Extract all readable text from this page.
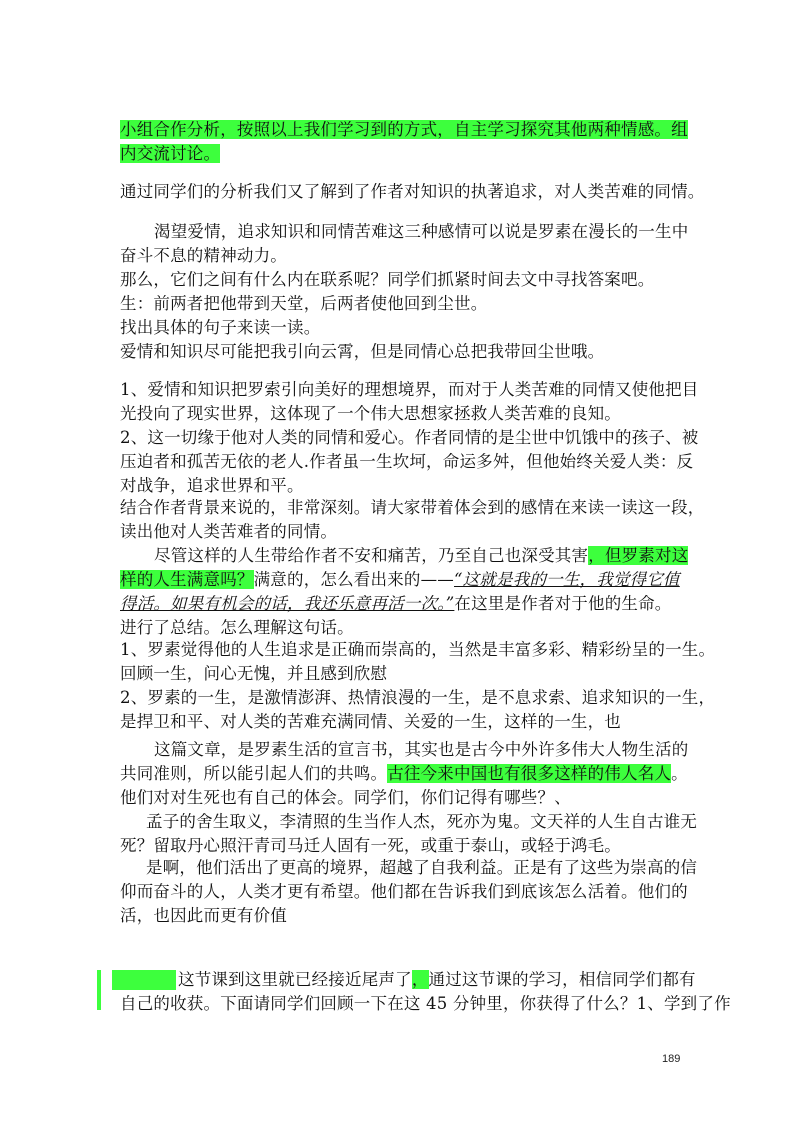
小组合作分析，按照以上我们学习到的方式，自主学习探究其他两种情感。组
内交流讨论。
通过同学们的分析我们又了解到了作者对知识的执著追求，对人类苦难的同情。
渴望爱情，追求知识和同情苦难这三种感情可以说是罗素在漫长的一生中
奋斗不息的精神动力。
那么，它们之间有什么内在联系呢？同学们抓紧时间去文中寻找答案吧。
生：前两者把他带到天堂，后两者使他回到尘世。
找出具体的句子来读一读。
爱情和知识尽可能把我引向云霄，但是同情心总把我带回尘世哦。
1、爱情和知识把罗索引向美好的理想境界，而对于人类苦难的同情又使他把目
光投向了现实世界，这体现了一个伟大思想家拯救人类苦难的良知。
2、这一切缘于他对人类的同情和爱心。作者同情的是尘世中饥饿中的孩子、被
压迫者和孤苦无依的老人.作者虽一生坎坷，命运多舛，但他始终关爱人类：反
对战争，追求世界和平。
结合作者背景来说的，非常深刻。请大家带着体会到的感情在来读一读这一段，
读出他对人类苦难者的同情。
尽管这样的人生带给作者不安和痛苦，乃至自己也深受其害，但罗素对这
样的人生满意吗？满意的，怎么看出来的——“这就是我的一生，我觉得它值
得活。如果有机会的话，我还乐意再活一次。”在这里是作者对于他的生命。
进行了总结。怎么理解这句话。
1、罗素觉得他的人生追求是正确而崇高的，当然是丰富多彩、精彩纷呈的一生。
回顾一生，问心无愧，并且感到欣慰
2、罗素的一生，是激情澎湃、热情浪漫的一生，是不息求索、追求知识的一生，
是捍卫和平、对人类的苦难充满同情、关爱的一生，这样的一生，也
这篇文章，是罗素生活的宣言书，其实也是古今中外许多伟大人物生活的
共同准则，所以能引起人们的共鸣。古往今来中国也有很多这样的伟人名人。
他们对对生死也有自己的体会。同学们，你们记得有哪些？、
孟子的舍生取义，李清照的生当作人杰，死亦为鬼。文天祥的人生自古谁无
死？留取丹心照汗青司马迁人固有一死，或重于泰山，或轻于鸿毛。
是啊，他们活出了更高的境界，超越了自我利益。正是有了这些为崇高的信
仰而奋斗的人，人类才更有希望。他们都在告诉我们到底该怎么活着。他们的
活，也因此而更有价值
这节课到这里就已经接近尾声了，通过这节课的学习，相信同学们都有
自己的收获。下面请同学们回顾一下在这 45 分钟里，你获得了什么？1、学到了作
189
